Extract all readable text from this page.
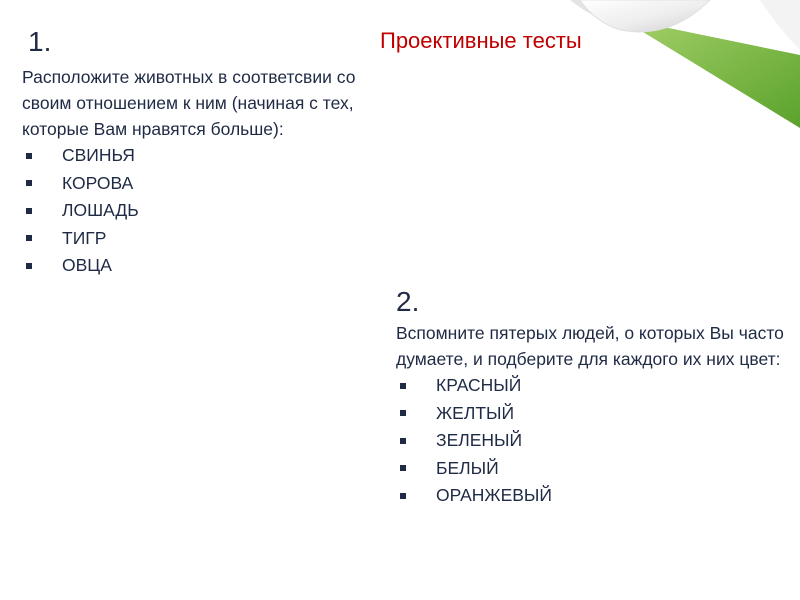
Проективные тесты

1.

Расположите животных в соответсвии со своим отношением к ним (начиная с тех, которые Вам нравятся больше):

СВИНЬЯ
КОРОВА
ЛОШАДЬ
ТИГР
ОВЦА

2.

Вспомните пятерых людей, о которых Вы часто думаете, и подберите для каждого их них цвет:

КРАСНЫЙ
ЖЕЛТЫЙ
ЗЕЛЕНЫЙ
БЕЛЫЙ
ОРАНЖЕВЫЙ
